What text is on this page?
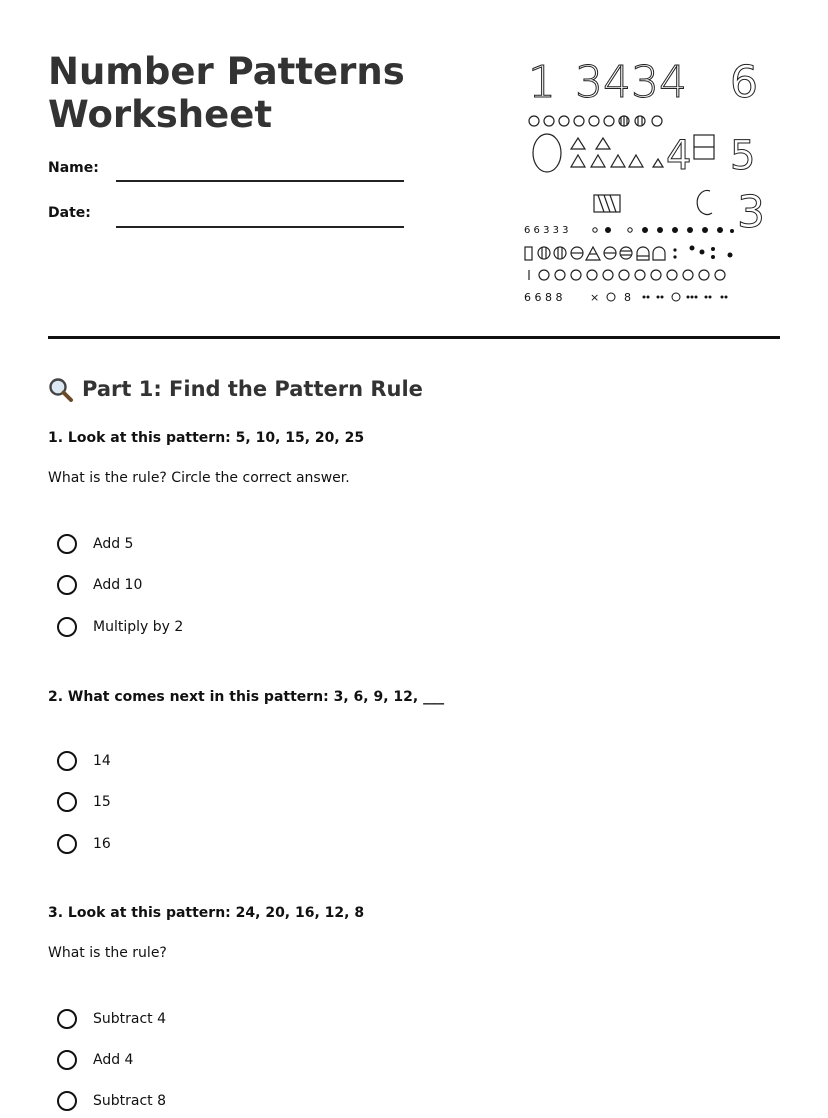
Number Patterns
Worksheet
Name:
Date:
1 3434 6
4 5
3
6 6 3 3 3
6 6 8 8	× 8
Part 1: Find the Pattern Rule

1. Look at this pattern: 5, 10, 15, 20, 25

What is the rule? Circle the correct answer.

Add 5
Add 10
Multiply by 2

2. What comes next in this pattern: 3, 6, 9, 12, ___

14
15
16

3. Look at this pattern: 24, 20, 16, 12, 8

What is the rule?

Subtract 4
Add 4
Subtract 8
